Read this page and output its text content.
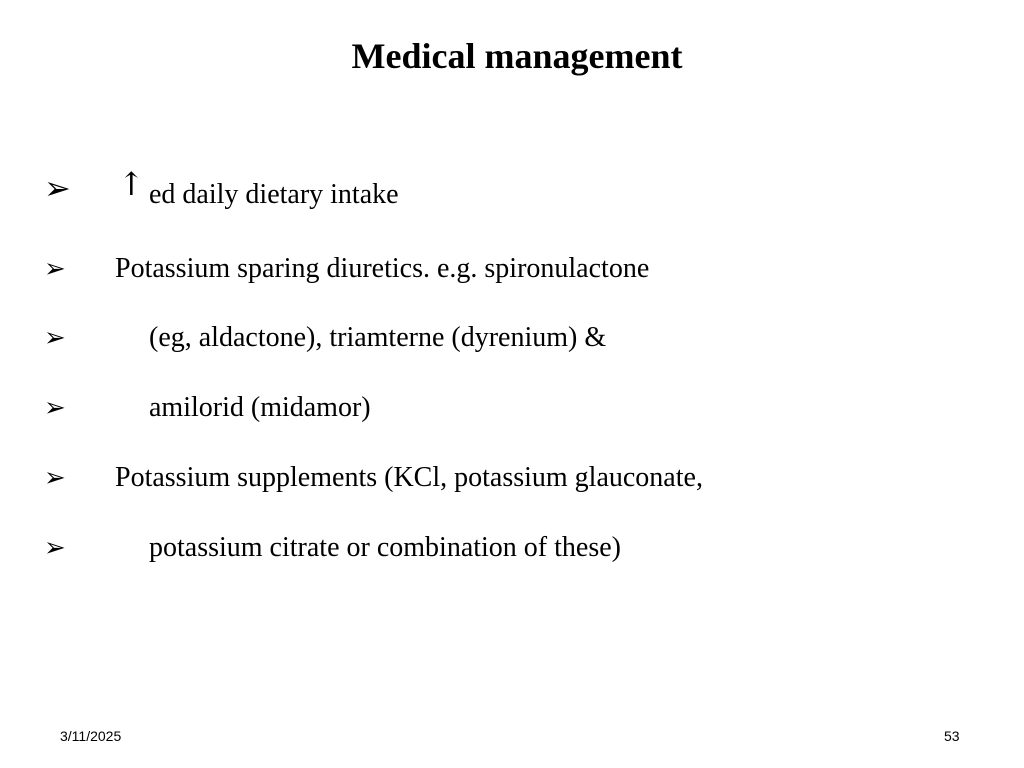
Medical management
➢ ↑ ed daily dietary intake
➢ Potassium sparing diuretics. e.g. spironulactone
➢	(eg, aldactone), triamterne (dyrenium) &
➢	amilorid (midamor)
➢ Potassium supplements (KCl, potassium glauconate,
➢	potassium citrate or combination of these)
3/11/2025	53
